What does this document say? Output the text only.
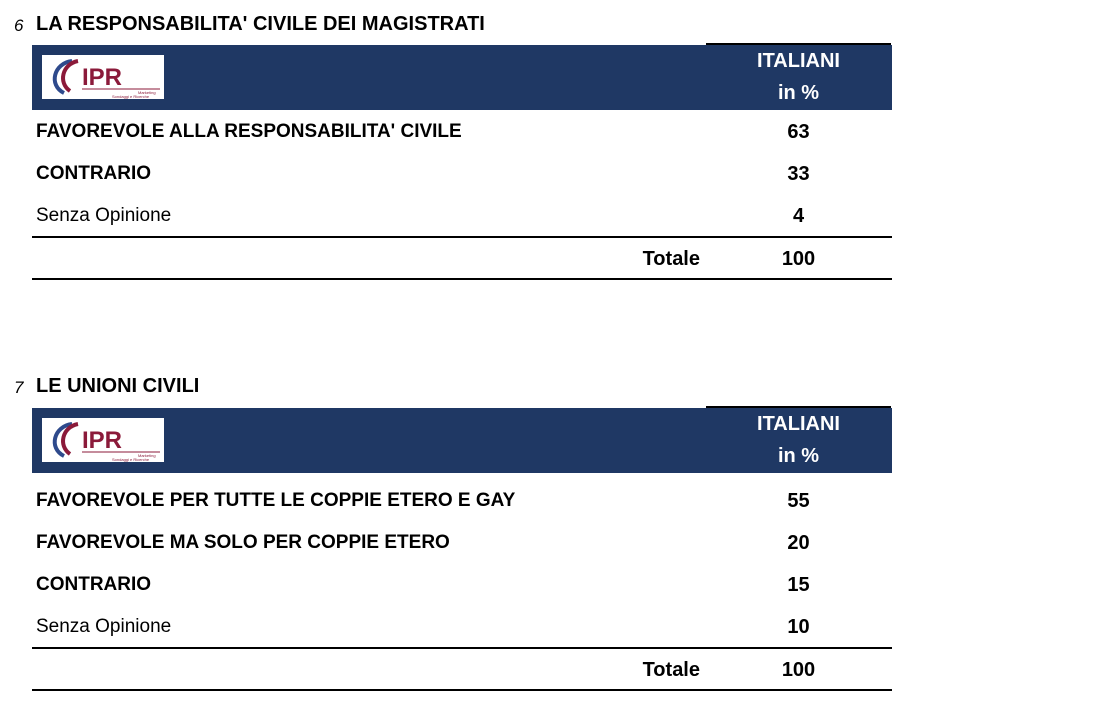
6 LA RESPONSABILITA' CIVILE DEI MAGISTRATI
IPR
Marketing
Sondaggi e Ricerche
ITALIANI
in %
FAVOREVOLE ALLA RESPONSABILITA' CIVILE	63
CONTRARIO	33
Senza Opinione	4
Totale	100
7 LE UNIONI CIVILI
IPR
Marketing
Sondaggi e Ricerche
ITALIANI
in %
FAVOREVOLE PER TUTTE LE COPPIE ETERO E GAY	55
FAVOREVOLE MA SOLO PER COPPIE ETERO	20
CONTRARIO	15
Senza Opinione	10
Totale	100
